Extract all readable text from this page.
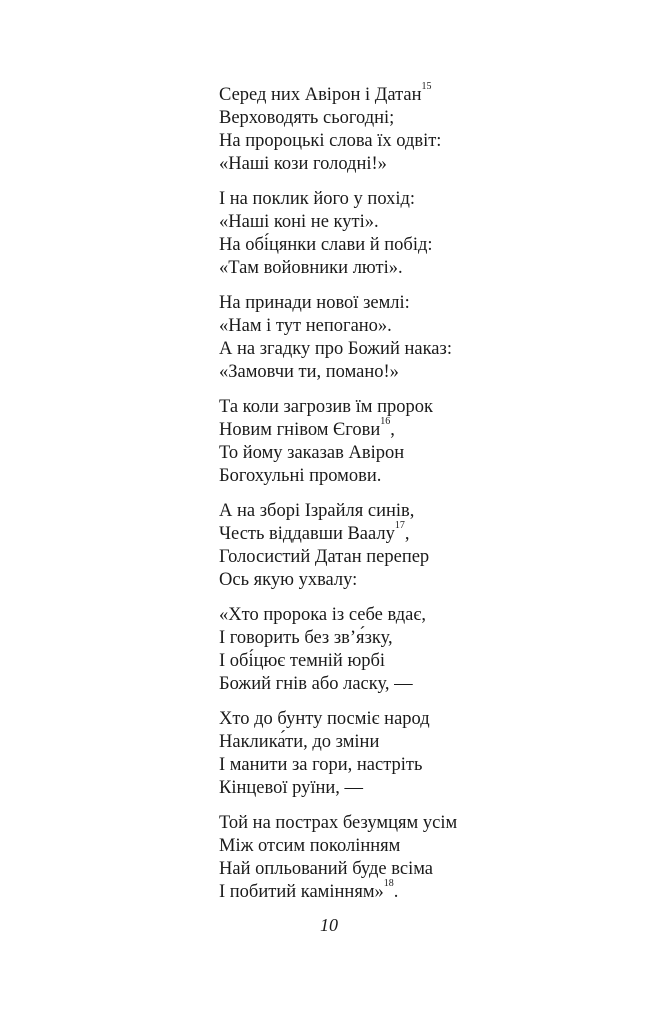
Серед них Авірон і Датан$^{15}$
Верховодять сьогодні;
На пророцькі слова їх одвіт:
«Наші кози голодні!»
І на поклик його у похід:
«Наші коні не куті».
На обі́цянки слави й побід:
«Там войовники люті».
На принади нової землі:
«Нам і тут непогано».
А на згадку про Божий наказ:
«Замовчи ти, помано!»
Та коли загрозив їм пророк
Новим гнівом Єгови$^{16}$,
То йому заказав Авірон
Богохульні промови.
А на зборі Ізрайля синів,
Честь віддавши Ваалу$^{17}$,
Голосистий Датан перепер
Ось якую ухвалу:
«Хто пророка із себе вдає,
І говорить без зв’я́зку,
І обі́цює темній юрбі
Божий гнів або ласку, —
Хто до бунту посміє народ
Наклика́ти, до зміни
І манити за гори, настріть
Кінцевої руїни, —
Той на пострах безумцям усім
Між отсим поколінням
Най опльований буде всіма
І побитий камінням»$^{18}$.
10
